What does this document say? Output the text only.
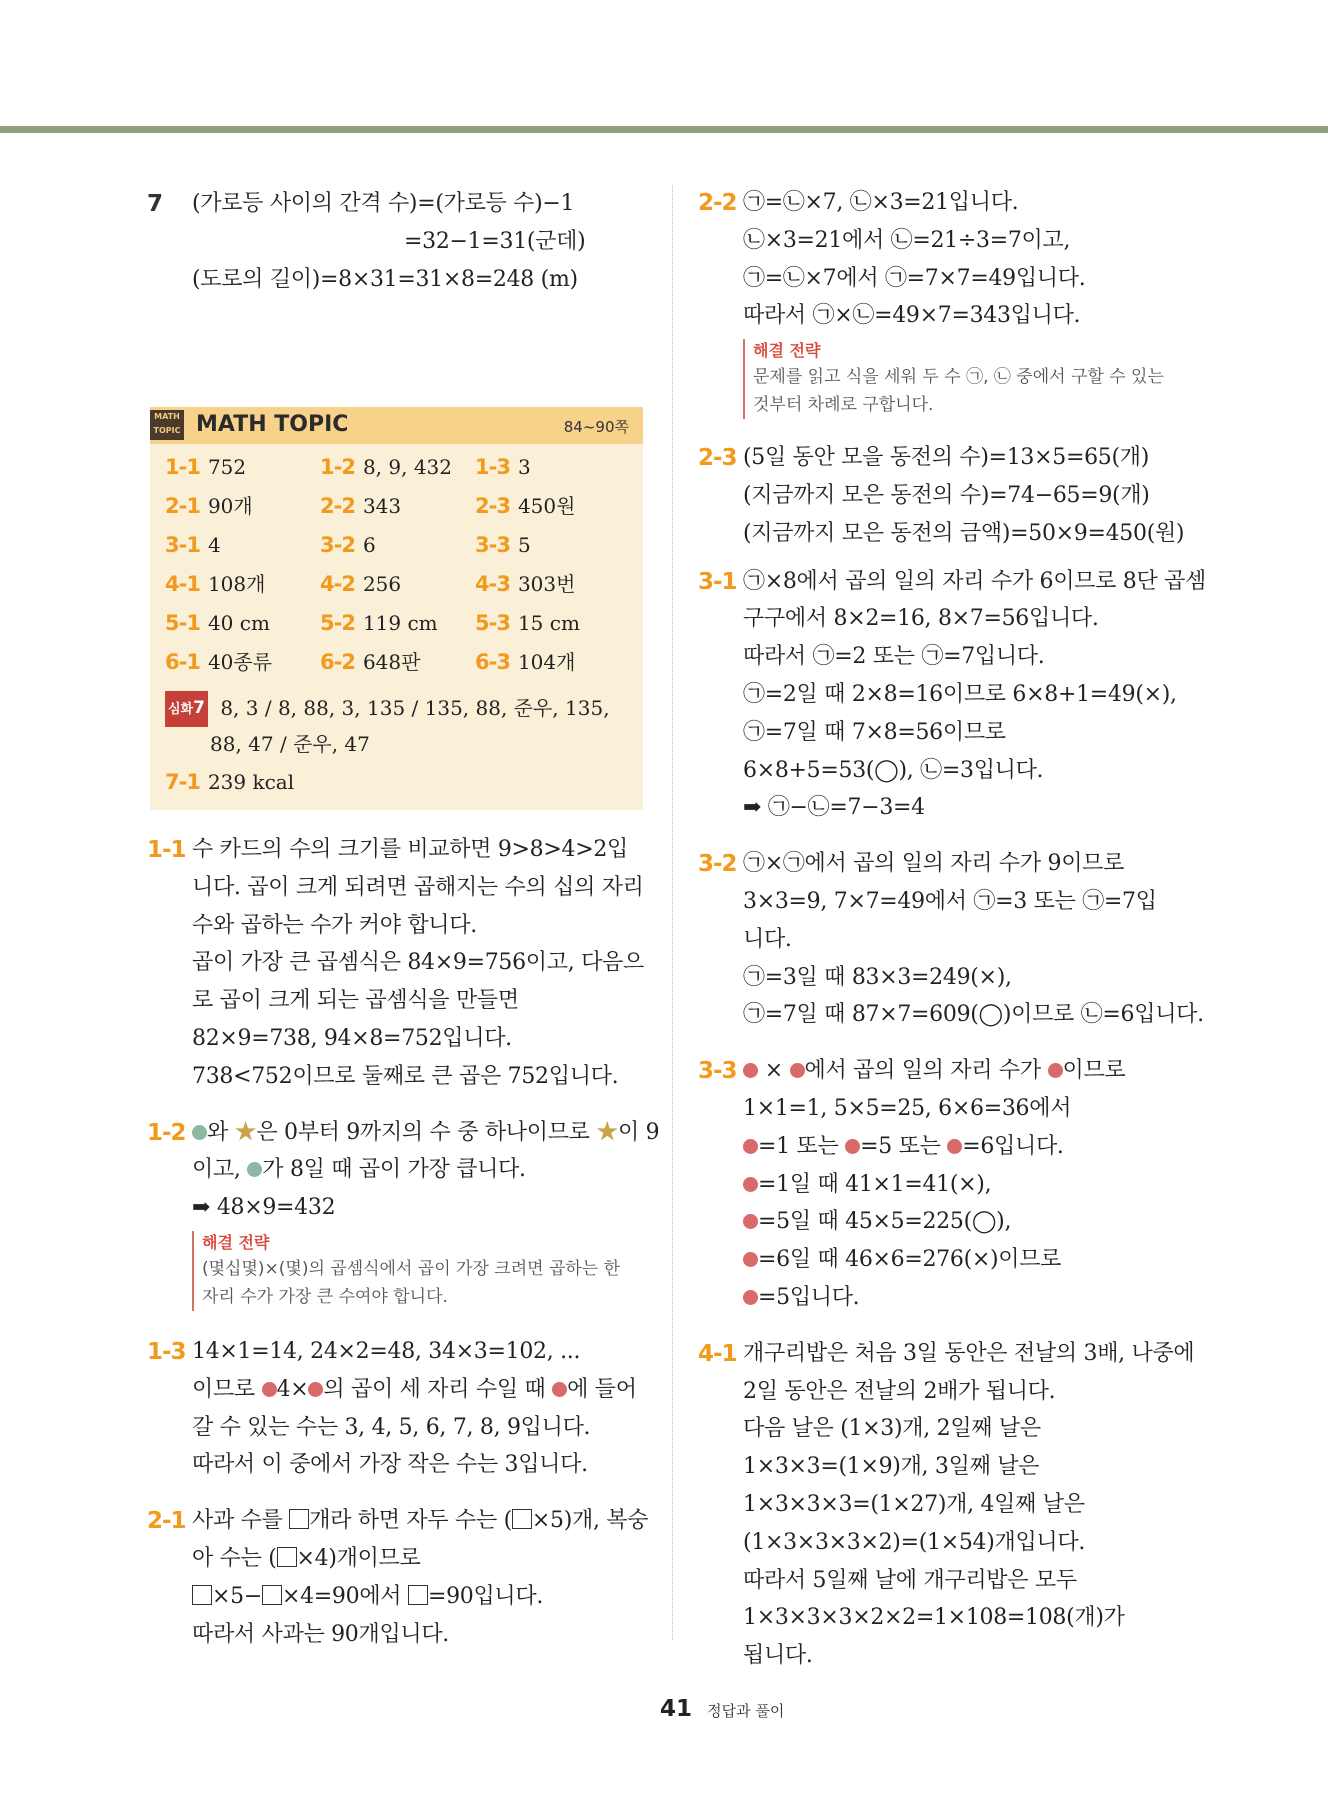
7 (가로등 사이의 간격 수)=(가로등 수)−1
=32−1=31(군데)
(도로의 길이)=8×31=31×8=248 (m)
MATH
TOPIC MATH TOPIC	84~90쪽
1-1 752	1-2 8, 9, 432 1-3 3
2-1 90개	2-2 343	2-3 450원
3-1 4	3-2 6	3-3 5
4-1 108개	4-2 256	4-3 303번
5-1 40 cm 5-2 119 cm 5-3 15 cm
6-1 40종류 6-2 648판	6-3 104개
심화7 8, 3 / 8, 88, 3, 135 / 135, 88, 준우, 135,
88, 47 / 준우, 47
7-1 239 kcal
1-1 수 카드의 수의 크기를 비교하면 9>8>4>2입
니다. 곱이 크게 되려면 곱해지는 수의 십의 자리
수와 곱하는 수가 커야 합니다.
곱이 가장 큰 곱셈식은 84×9=756이고, 다음으
로 곱이 크게 되는 곱셈식을 만들면
82×9=738, 94×8=752입니다.
738<752이므로 둘째로 큰 곱은 752입니다.
1-2 와 ★은 0부터 9까지의 수 중 하나이므로 ★이 9
이고, 가 8일 때 곱이 가장 큽니다.
➡ 48×9=432
해결 전략
(몇십몇)×(몇)의 곱셈식에서 곱이 가장 크려면 곱하는 한
자리 수가 가장 큰 수여야 합니다.
1-3 14×1=14, 24×2=48, 34×3=102, ...
이므로 4× 의 곱이 세 자리 수일 때 에 들어
갈 수 있는 수는 3, 4, 5, 6, 7, 8, 9입니다.
따라서 이 중에서 가장 작은 수는 3입니다.
2-1 사과 수를 개라 하면 자두 수는 ( ×5)개, 복숭
아 수는 ( ×4)개이므로
×5− ×4=90에서 =90입니다.
따라서 사과는 90개입니다.
2-2 ㉠=㉡×7, ㉡×3=21입니다.
㉡×3=21에서 ㉡=21÷3=7이고,
㉠=㉡×7에서 ㉠=7×7=49입니다.
따라서 ㉠×㉡=49×7=343입니다.
해결 전략
문제를 읽고 식을 세워 두 수 ㉠, ㉡ 중에서 구할 수 있는
것부터 차례로 구합니다.
2-3 (5일 동안 모을 동전의 수)=13×5=65(개)
(지금까지 모은 동전의 수)=74−65=9(개)
(지금까지 모은 동전의 금액)=50×9=450(원)
3-1 ㉠×8에서 곱의 일의 자리 수가 6이므로 8단 곱셈
구구에서 8×2=16, 8×7=56입니다.
따라서 ㉠=2 또는 ㉠=7입니다.
㉠=2일 때 2×8=16이므로 6×8+1=49(×),
㉠=7일 때 7×8=56이므로
6×8+5=53(◯), ㉡=3입니다.
➡ ㉠−㉡=7−3=4
3-2 ㉠×㉠에서 곱의 일의 자리 수가 9이므로
3×3=9, 7×7=49에서 ㉠=3 또는 ㉠=7입
니다.
㉠=3일 때 83×3=249(×),
㉠=7일 때 87×7=609(◯)이므로 ㉡=6입니다.
3-3 × 에서 곱의 일의 자리 수가 이므로
1×1=1, 5×5=25, 6×6=36에서
=1 또는 =5 또는 =6입니다.
=1일 때 41×1=41(×),
=5일 때 45×5=225(◯),
=6일 때 46×6=276(×)이므로
=5입니다.
4-1 개구리밥은 처음 3일 동안은 전날의 3배, 나중에
2일 동안은 전날의 2배가 됩니다.
다음 날은 (1×3)개, 2일째 날은
1×3×3=(1×9)개, 3일째 날은
1×3×3×3=(1×27)개, 4일째 날은
(1×3×3×3×2)=(1×54)개입니다.
따라서 5일째 날에 개구리밥은 모두
1×3×3×3×2×2=1×108=108(개)가
됩니다.
41 정답과 풀이
